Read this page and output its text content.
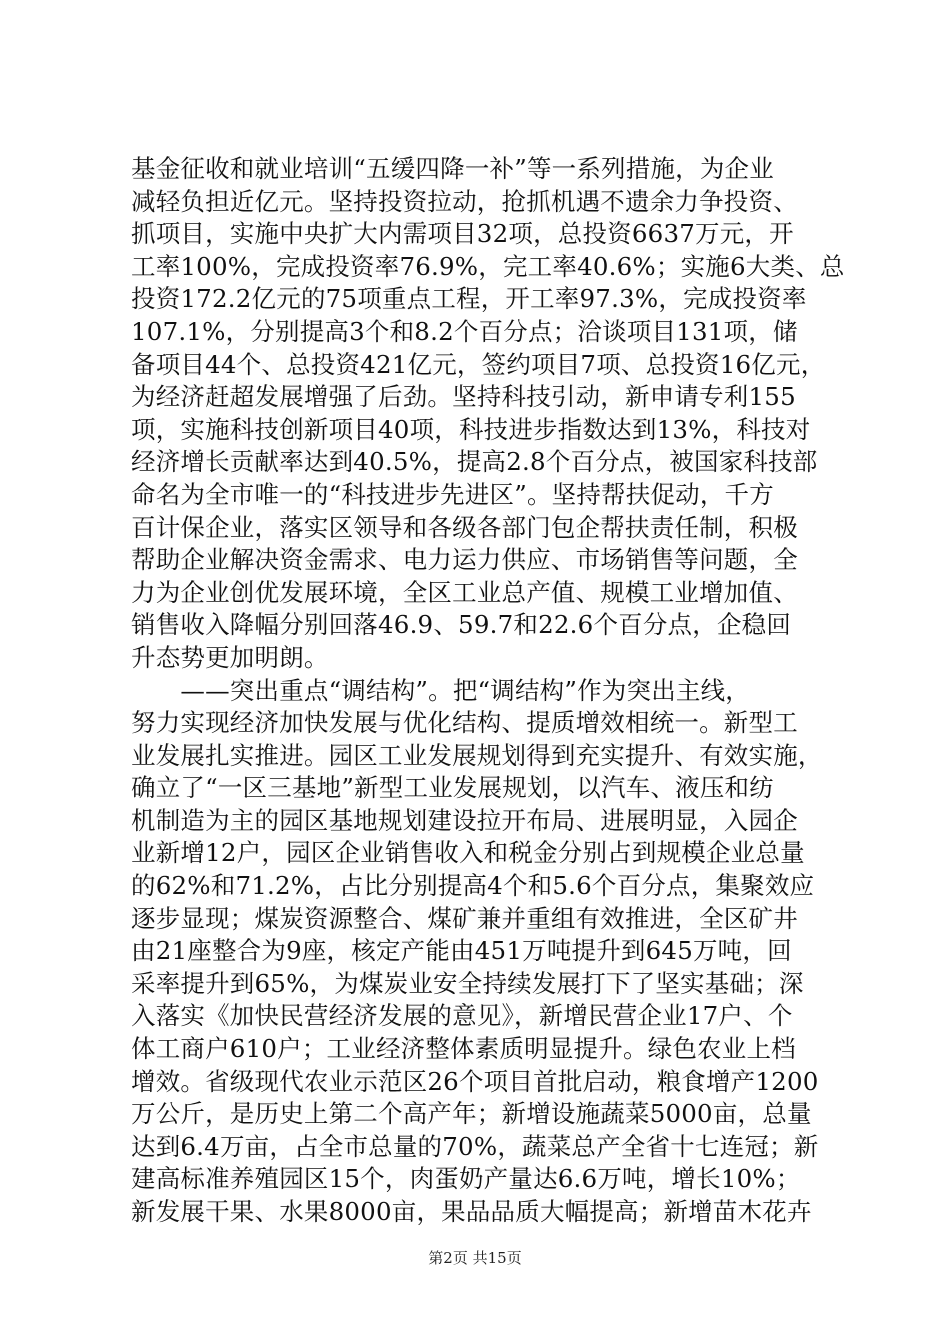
基金征收和就业培训“五缓四降一补”等一系列措施，为企业
减轻负担近亿元。坚持投资拉动，抢抓机遇不遗余力争投资、
抓项目，实施中央扩大内需项目32项，总投资6637万元，开
工率100%，完成投资率76.9%，完工率40.6%；实施6大类、总
投资172.2亿元的75项重点工程，开工率97.3%，完成投资率
107.1%，分别提高3个和8.2个百分点；洽谈项目131项，储
备项目44个、总投资421亿元，签约项目7项、总投资16亿元，
为经济赶超发展增强了后劲。坚持科技引动，新申请专利155
项，实施科技创新项目40项，科技进步指数达到13%，科技对
经济增长贡献率达到40.5%，提高2.8个百分点，被国家科技部
命名为全市唯一的“科技进步先进区”。坚持帮扶促动，千方
百计保企业，落实区领导和各级各部门包企帮扶责任制，积极
帮助企业解决资金需求、电力运力供应、市场销售等问题，全
力为企业创优发展环境，全区工业总产值、规模工业增加值、
销售收入降幅分别回落46.9、59.7和22.6个百分点，企稳回
升态势更加明朗。
　　——突出重点“调结构”。把“调结构”作为突出主线，
努力实现经济加快发展与优化结构、提质增效相统一。新型工
业发展扎实推进。园区工业发展规划得到充实提升、有效实施，
确立了“一区三基地”新型工业发展规划，以汽车、液压和纺
机制造为主的园区基地规划建设拉开布局、进展明显，入园企
业新增12户，园区企业销售收入和税金分别占到规模企业总量
的62%和71.2%，占比分别提高4个和5.6个百分点，集聚效应
逐步显现；煤炭资源整合、煤矿兼并重组有效推进，全区矿井
由21座整合为9座，核定产能由451万吨提升到645万吨，回
采率提升到65%，为煤炭业安全持续发展打下了坚实基础；深
入落实《加快民营经济发展的意见》，新增民营企业17户、个
体工商户610户；工业经济整体素质明显提升。绿色农业上档
增效。省级现代农业示范区26个项目首批启动，粮食增产1200
万公斤，是历史上第二个高产年；新增设施蔬菜5000亩，总量
达到6.4万亩，占全市总量的70%，蔬菜总产全省十七连冠；新
建高标准养殖园区15个，肉蛋奶产量达6.6万吨，增长10%；
新发展干果、水果8000亩，果品品质大幅提高；新增苗木花卉
第2页 共15页
